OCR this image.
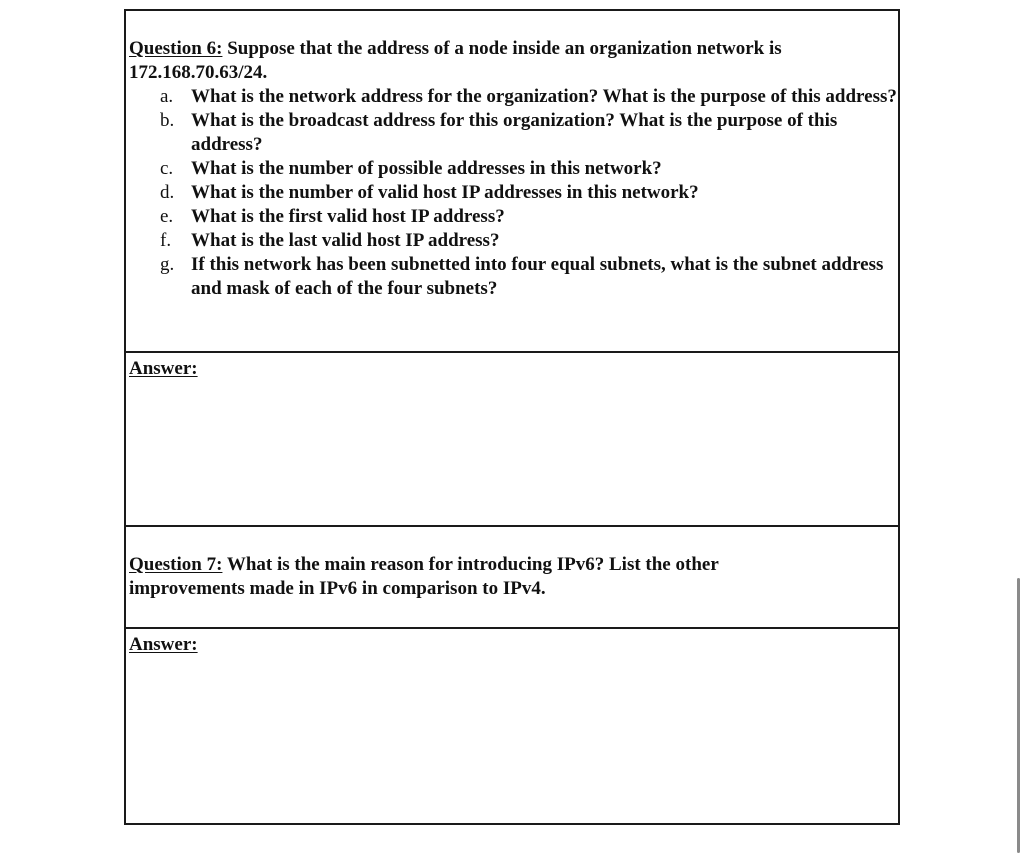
Question 6: Suppose that the address of a node inside an organization network is
172.168.70.63/24.
a. What is the network address for the organization? What is the purpose of this address?
b. What is the broadcast address for this organization? What is the purpose of this address?
c. What is the number of possible addresses in this network?
d. What is the number of valid host IP addresses in this network?
e. What is the first valid host IP address?
f. What is the last valid host IP address?
g. If this network has been subnetted into four equal subnets, what is the subnet address and mask of each of the four subnets?
Answer:
Question 7: What is the main reason for introducing IPv6? List the other
improvements made in IPv6 in comparison to IPv4.
Answer:
